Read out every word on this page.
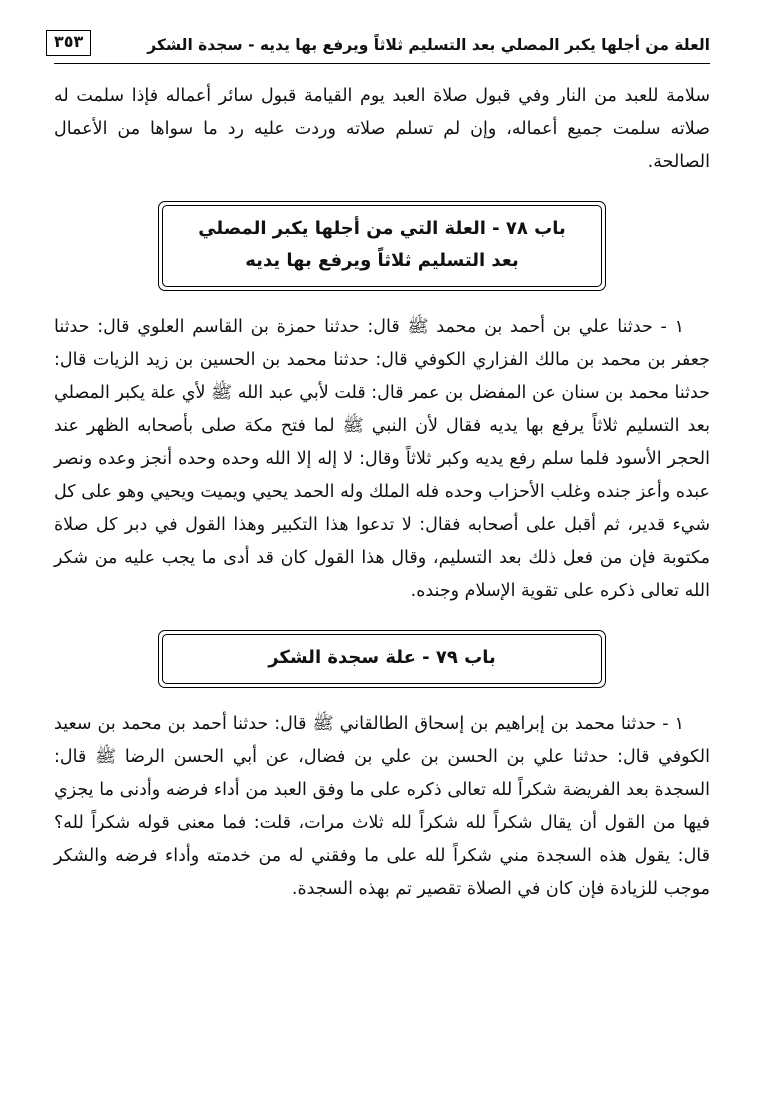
العلة من أجلها يكبر المصلي بعد التسليم ثلاثاً ويرفع بها يديه - سجدة الشكر
٣٥٣

سلامة للعبد من النار وفي قبول صلاة العبد يوم القيامة قبول سائر أعماله فإذا سلمت له صلاته سلمت جميع أعماله، وإن لم تسلم صلاته وردت عليه رد ما سواها من الأعمال الصالحة.

باب ٧٨ - العلة التي من أجلها يكبر المصلي
بعد التسليم ثلاثاً ويرفع بها يديه

١ - حدثنا علي بن أحمد بن محمد ﷺ قال: حدثنا حمزة بن القاسم العلوي قال: حدثنا جعفر بن محمد بن مالك الفزاري الكوفي قال: حدثنا محمد بن الحسين بن زيد الزيات قال: حدثنا محمد بن سنان عن المفضل بن عمر قال: قلت لأبي عبد الله ﷺ لأي علة يكبر المصلي بعد التسليم ثلاثاً يرفع بها يديه فقال لأن النبي ﷺ لما فتح مكة صلى بأصحابه الظهر عند الحجر الأسود فلما سلم رفع يديه وكبر ثلاثاً وقال: لا إله إلا الله وحده وحده أنجز وعده ونصر عبده وأعز جنده وغلب الأحزاب وحده فله الملك وله الحمد يحيي ويميت ويحيي وهو على كل شيء قدير، ثم أقبل على أصحابه فقال: لا تدعوا هذا التكبير وهذا القول في دبر كل صلاة مكتوبة فإن من فعل ذلك بعد التسليم، وقال هذا القول كان قد أدى ما يجب عليه من شكر الله تعالى ذكره على تقوية الإسلام وجنده.

باب ٧٩ - علة سجدة الشكر

١ - حدثنا محمد بن إبراهيم بن إسحاق الطالقاني ﷺ قال: حدثنا أحمد بن محمد بن سعيد الكوفي قال: حدثنا علي بن الحسن بن علي بن فضال، عن أبي الحسن الرضا ﷺ قال: السجدة بعد الفريضة شكراً لله تعالى ذكره على ما وفق العبد من أداء فرضه وأدنى ما يجزي فيها من القول أن يقال شكراً لله شكراً لله ثلاث مرات، قلت: فما معنى قوله شكراً لله؟ قال: يقول هذه السجدة مني شكراً لله على ما وفقني له من خدمته وأداء فرضه والشكر موجب للزيادة فإن كان في الصلاة تقصير تم بهذه السجدة.
